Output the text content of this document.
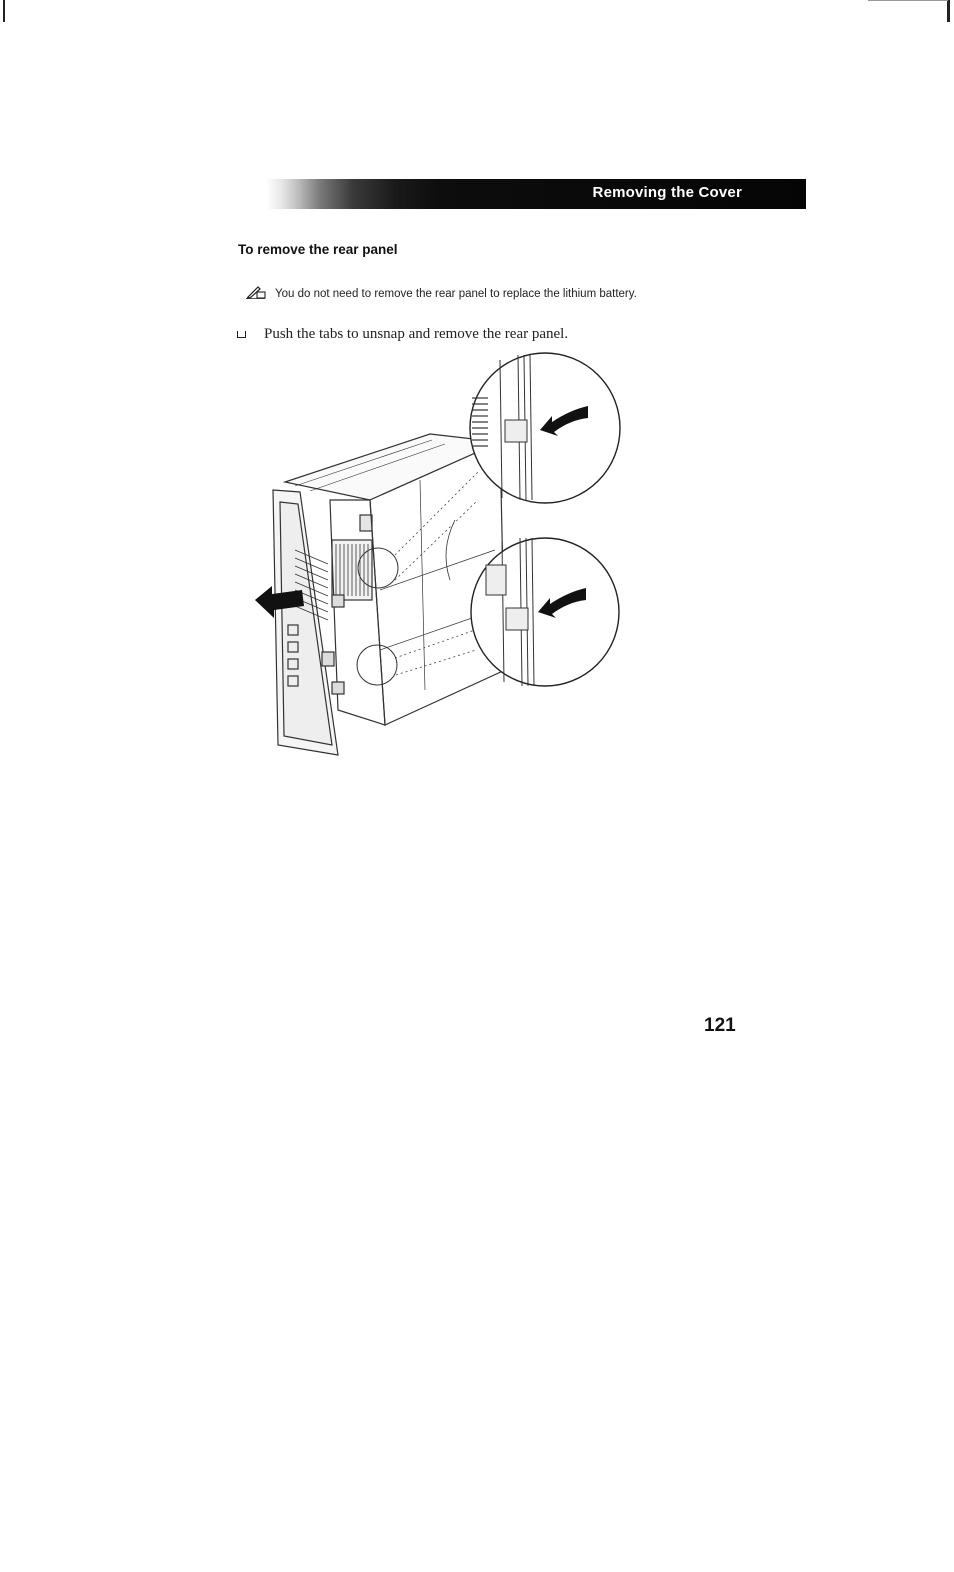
Removing the Cover
To remove the rear panel
You do not need to remove the rear panel to replace the lithium battery.
Push the tabs to unsnap and remove the rear panel.
121
